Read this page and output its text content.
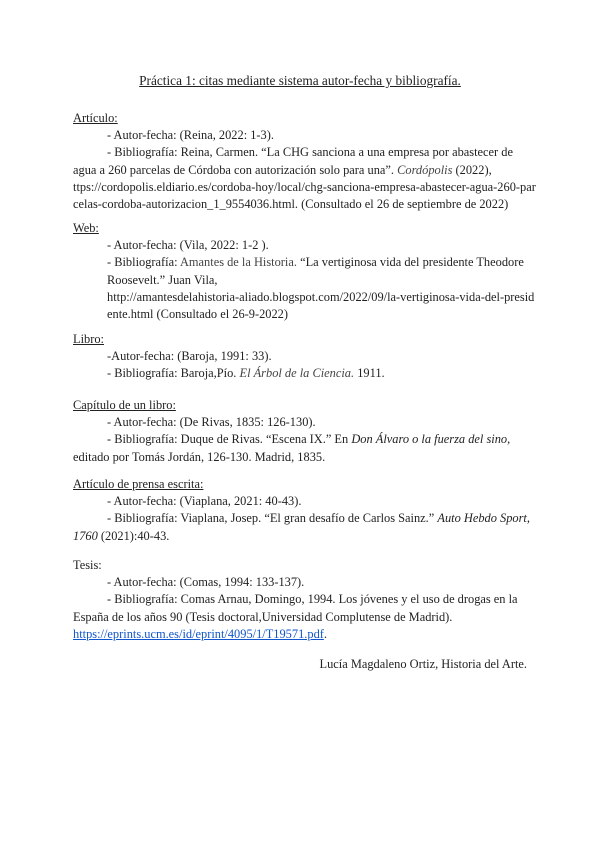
Práctica 1: citas mediante sistema autor-fecha y bibliografía.

Artículo:

- Autor-fecha: (Reina, 2022: 1-3).

- Bibliografía: Reina, Carmen. “La CHG sanciona a una empresa por abastecer de agua a 260 parcelas de Córdoba con autorización solo para una”. Cordópolis (2022),

ttps://cordopolis.eldiario.es/cordoba-hoy/local/chg-sanciona-empresa-abastecer-agua-260-par

celas-cordoba-autorizacion_1_9554036.html. (Consultado el 26 de septiembre de 2022)

Web:

- Autor-fecha: (Vila, 2022: 1-2 ).

- Bibliografía: Amantes de la Historia. “La vertiginosa vida del presidente Theodore

Roosevelt.” Juan Vila,

http://amantesdelahistoria-aliado.blogspot.com/2022/09/la-vertiginosa-vida-del-presid

ente.html (Consultado el 26-9-2022)

Libro:

-Autor-fecha: (Baroja, 1991: 33).

- Bibliografía: Baroja,Pío. El Árbol de la Ciencia. 1911.

Capítulo de un libro:

- Autor-fecha: (De Rivas, 1835: 126-130).

- Bibliografía: Duque de Rivas. “Escena IX.” En Don Álvaro o la fuerza del sino,

editado por Tomás Jordán, 126-130. Madrid, 1835.

Artículo de prensa escrita:

- Autor-fecha: (Viaplana, 2021: 40-43).

- Bibliografía: Viaplana, Josep. “El gran desafío de Carlos Sainz.” Auto Hebdo Sport,

1760 (2021):40-43.

Tesis:

- Autor-fecha: (Comas, 1994: 133-137).

- Bibliografía: Comas Arnau, Domingo, 1994. Los jóvenes y el uso de drogas en la

España de los años 90 (Tesis doctoral,Universidad Complutense de Madrid).

https://eprints.ucm.es/id/eprint/4095/1/T19571.pdf.

Lucía Magdaleno Ortiz, Historia del Arte.
